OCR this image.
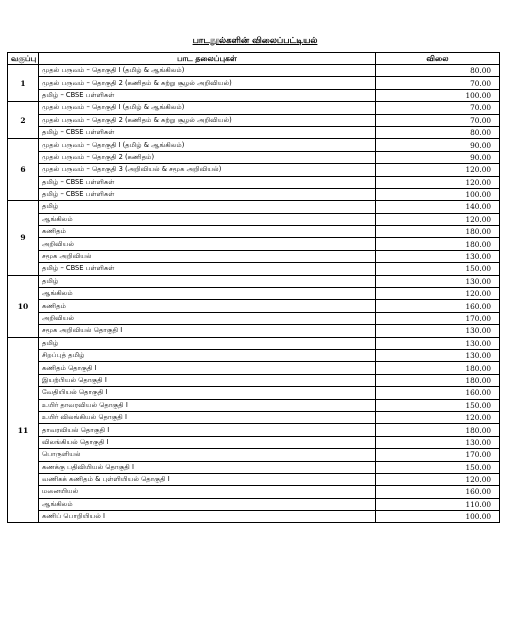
பாடநூல்களின் விலைப்பட்டியல்
வகுப்பு	பாட தலைப்புகள்	விலை
1	முதல் பருவம் – தொகுதி I (தமிழ் & ஆங்கிலம்)	80.00
	முதல் பருவம் – தொகுதி 2 (கணிதம் & சுற்று சூழல் அறிவியல்)	70.00
	தமிழ் – CBSE பள்ளிகள்	100.00
2	முதல் பருவம் – தொகுதி I (தமிழ் & ஆங்கிலம்)	70.00
	முதல் பருவம் – தொகுதி 2 (கணிதம் & சுற்று சூழல் அறிவியல்)	70.00
	தமிழ் – CBSE பள்ளிகள்	80.00
6	முதல் பருவம் – தொகுதி I (தமிழ் & ஆங்கிலம்)	90.00
	முதல் பருவம் – தொகுதி 2 (கணிதம்)	90.00
	முதல் பருவம் – தொகுதி 3 (அறிவியல் & சமூக அறிவியல்)	120.00
	தமிழ் – CBSE பள்ளிகள்	120.00
	தமிழ் – CBSE பள்ளிகள்	100.00
9	தமிழ்	140.00
	ஆங்கிலம்	120.00
	கணிதம்	180.00
	அறிவியல்	180.00
	சமூக அறிவியல்	130.00
	தமிழ் – CBSE பள்ளிகள்	150.00
10	தமிழ்	130.00
	ஆங்கிலம்	120.00
	கணிதம்	160.00
	அறிவியல்	170.00
	சமூக அறிவியல் தொகுதி I	130.00
11	தமிழ்	130.00
	சிறப்புத் தமிழ்	130.00
	கணிதம் தொகுதி I	180.00
	இயற்பியல் தொகுதி I	180.00
	வேதியியல் தொகுதி I	160.00
	உயிர் தாவரவியல் தொகுதி I	150.00
	உயிர் விலங்கியல் தொகுதி I	120.00
	தாவரவியல் தொகுதி I	180.00
	விலங்கியல் தொகுதி I	130.00
	பொருளியல்	170.00
	கணக்கு பதிவியியல் தொகுதி I	150.00
	வணிகக் கணிதம் & புள்ளியியல் தொகுதி I	120.00
	மனையியல்	160.00
	ஆங்கிலம்	110.00
	கணிப் பொறியியல் I	100.00
